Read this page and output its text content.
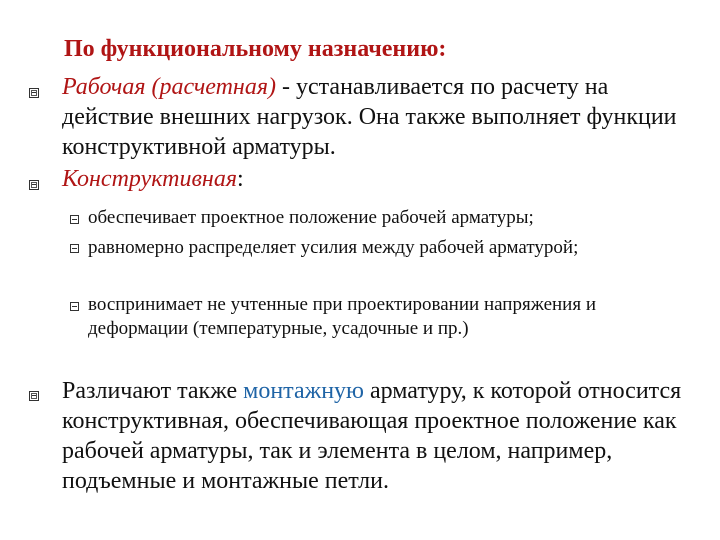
По функциональному назначению:
Рабочая (расчетная) - устанавливается по расчету на действие внешних нагрузок. Она также выполняет функции конструктивной арматуры.
Конструктивная:
обеспечивает проектное положение рабочей арматуры;
равномерно распределяет усилия между рабочей арматурой;
воспринимает не учтенные при проектировании напряжения и деформации (температурные, усадочные и пр.)
Различают также монтажную арматуру, к которой относится конструктивная, обеспечивающая проектное положение как рабочей арматуры, так и элемента в целом, например, подъемные и монтажные петли.
